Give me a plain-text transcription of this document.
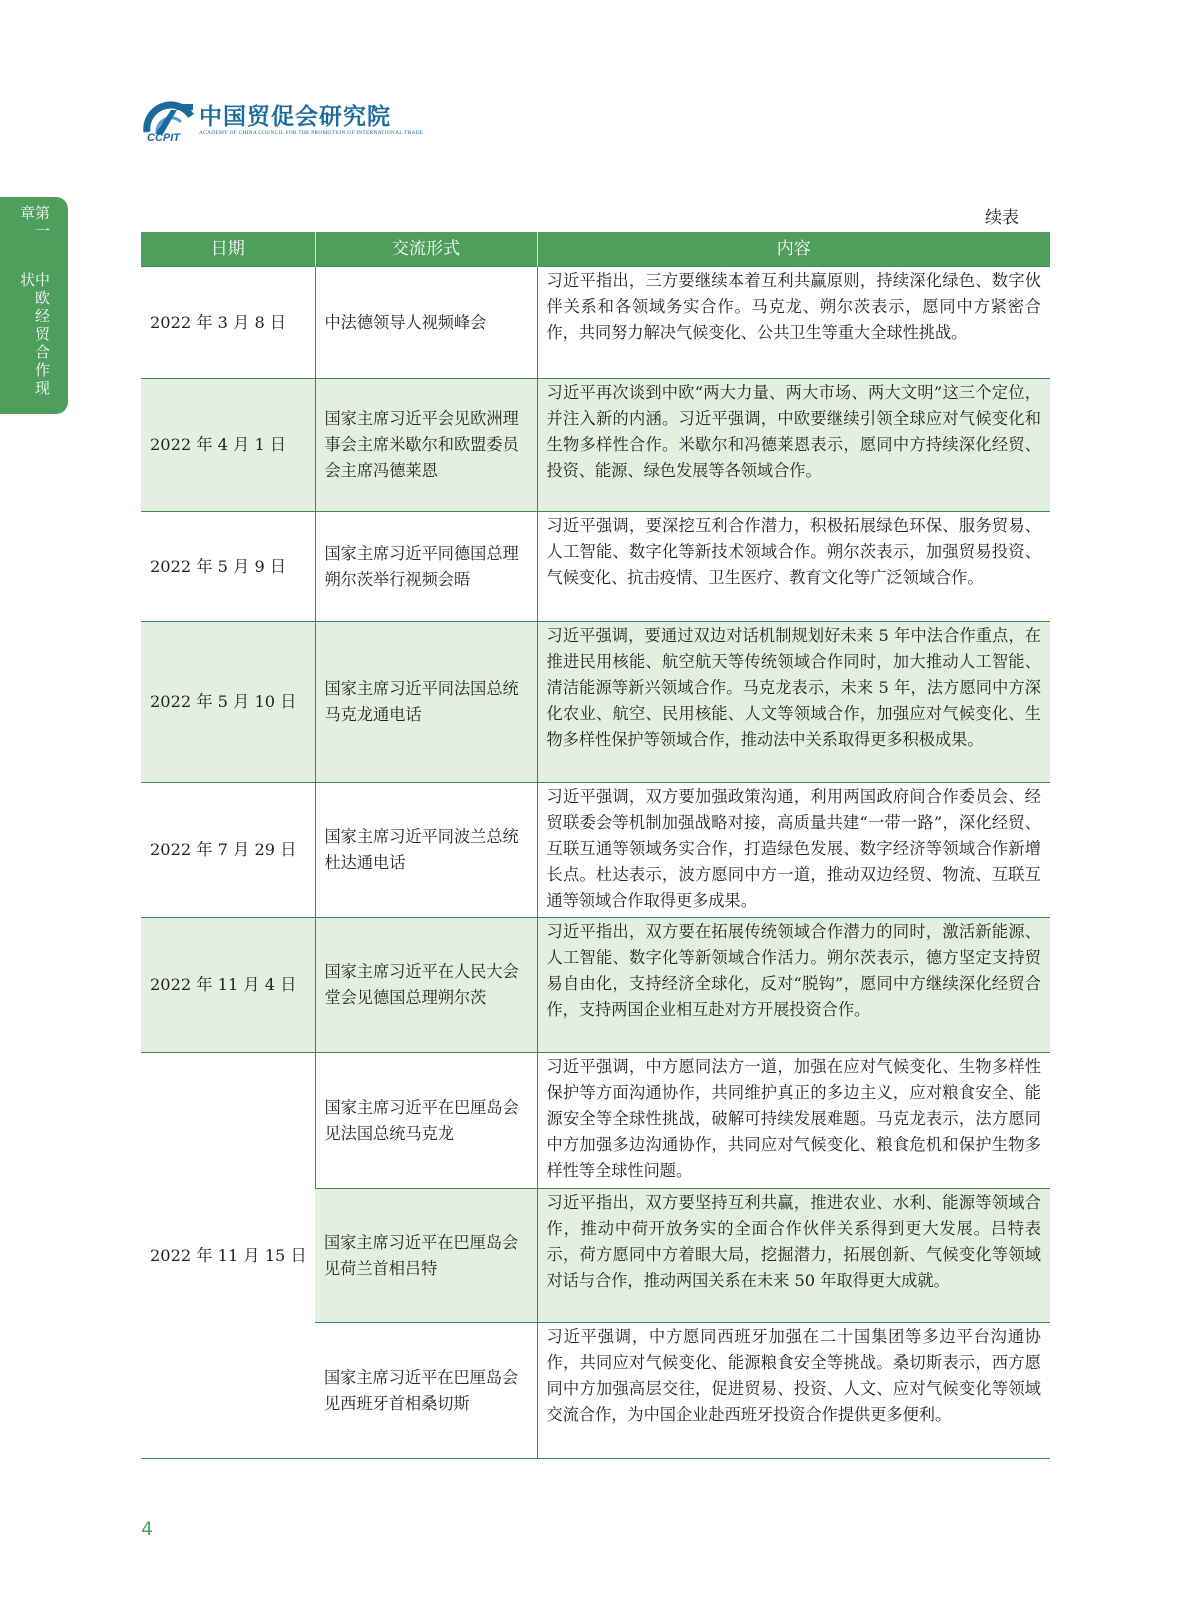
CCPIT
中国贸促会研究院
ACADEMY OF CHINA COUNCIL FOR THE PROMOTION OF INTERNATIONAL TRADE
第一章
中欧经贸合作现状
续表
日期	交流形式	内容
2022 年 3 月 8 日	中法德领导人视频峰会	习近平指出，三方要继续本着互利共赢原则，持续深化绿色、数字伙伴关系和各领域务实合作。马克龙、朔尔茨表示，愿同中方紧密合作，共同努力解决气候变化、公共卫生等重大全球性挑战。
2022 年 4 月 1 日	国家主席习近平会见欧洲理事会主席米歇尔和欧盟委员会主席冯德莱恩	习近平再次谈到中欧“两大力量、两大市场、两大文明”这三个定位，并注入新的内涵。习近平强调，中欧要继续引领全球应对气候变化和生物多样性合作。米歇尔和冯德莱恩表示，愿同中方持续深化经贸、投资、能源、绿色发展等各领域合作。
2022 年 5 月 9 日	国家主席习近平同德国总理朔尔茨举行视频会晤	习近平强调，要深挖互利合作潜力，积极拓展绿色环保、服务贸易、人工智能、数字化等新技术领域合作。朔尔茨表示，加强贸易投资、气候变化、抗击疫情、卫生医疗、教育文化等广泛领域合作。
2022 年 5 月 10 日	国家主席习近平同法国总统马克龙通电话	习近平强调，要通过双边对话机制规划好未来 5 年中法合作重点，在推进民用核能、航空航天等传统领域合作同时，加大推动人工智能、清洁能源等新兴领域合作。马克龙表示，未来 5 年，法方愿同中方深化农业、航空、民用核能、人文等领域合作，加强应对气候变化、生物多样性保护等领域合作，推动法中关系取得更多积极成果。
2022 年 7 月 29 日	国家主席习近平同波兰总统杜达通电话	习近平强调，双方要加强政策沟通，利用两国政府间合作委员会、经贸联委会等机制加强战略对接，高质量共建“一带一路”，深化经贸、互联互通等领域务实合作，打造绿色发展、数字经济等领域合作新增长点。杜达表示，波方愿同中方一道，推动双边经贸、物流、互联互通等领域合作取得更多成果。
2022 年 11 月 4 日	国家主席习近平在人民大会堂会见德国总理朔尔茨	习近平指出，双方要在拓展传统领域合作潜力的同时，激活新能源、人工智能、数字化等新领域合作活力。朔尔茨表示，德方坚定支持贸易自由化，支持经济全球化，反对“脱钩”，愿同中方继续深化经贸合作，支持两国企业相互赴对方开展投资合作。
2022 年 11 月 15 日	国家主席习近平在巴厘岛会见法国总统马克龙	习近平强调，中方愿同法方一道，加强在应对气候变化、生物多样性保护等方面沟通协作，共同维护真正的多边主义，应对粮食安全、能源安全等全球性挑战，破解可持续发展难题。马克龙表示，法方愿同中方加强多边沟通协作，共同应对气候变化、粮食危机和保护生物多样性等全球性问题。
	国家主席习近平在巴厘岛会见荷兰首相吕特	习近平指出，双方要坚持互利共赢，推进农业、水利、能源等领域合作，推动中荷开放务实的全面合作伙伴关系得到更大发展。吕特表示，荷方愿同中方着眼大局，挖掘潜力，拓展创新、气候变化等领域对话与合作，推动两国关系在未来 50 年取得更大成就。
	国家主席习近平在巴厘岛会见西班牙首相桑切斯	习近平强调，中方愿同西班牙加强在二十国集团等多边平台沟通协作，共同应对气候变化、能源粮食安全等挑战。桑切斯表示，西方愿同中方加强高层交往，促进贸易、投资、人文、应对气候变化等领域交流合作，为中国企业赴西班牙投资合作提供更多便利。
4
